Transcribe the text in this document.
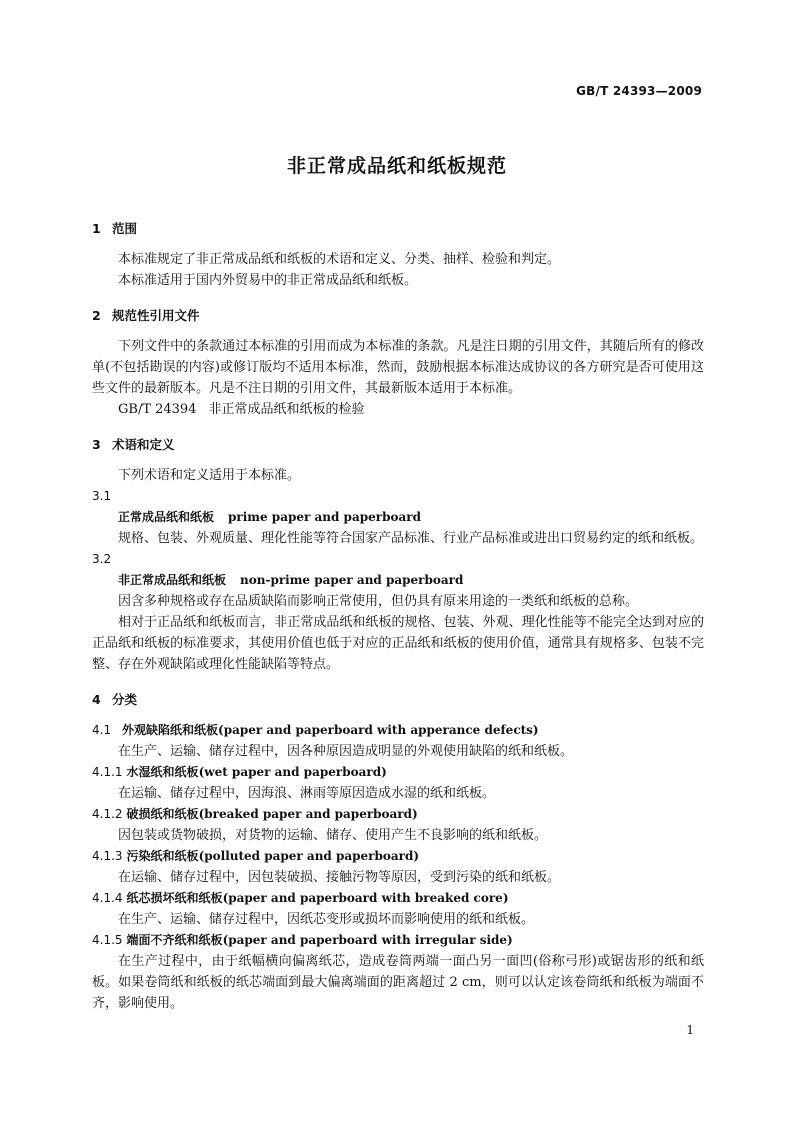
GB/T 24393—2009
非正常成品纸和纸板规范
1 范围
本标准规定了非正常成品纸和纸板的术语和定义、分类、抽样、检验和判定。
本标准适用于国内外贸易中的非正常成品纸和纸板。
2 规范性引用文件
下列文件中的条款通过本标准的引用而成为本标准的条款。凡是注日期的引用文件，其随后所有的修改单(不包括勘误的内容)或修订版均不适用本标准，然而，鼓励根据本标准达成协议的各方研究是否可使用这些文件的最新版本。凡是不注日期的引用文件，其最新版本适用于本标准。
GB/T 24394 非正常成品纸和纸板的检验
3 术语和定义
下列术语和定义适用于本标准。
3.1
正常成品纸和纸板 prime paper and paperboard
规格、包装、外观质量、理化性能等符合国家产品标准、行业产品标准或进出口贸易约定的纸和纸板。
3.2
非正常成品纸和纸板 non-prime paper and paperboard
因含多种规格或存在品质缺陷而影响正常使用，但仍具有原来用途的一类纸和纸板的总称。
相对于正品纸和纸板而言，非正常成品纸和纸板的规格、包装、外观、理化性能等不能完全达到对应的正品纸和纸板的标准要求，其使用价值也低于对应的正品纸和纸板的使用价值，通常具有规格多、包装不完整、存在外观缺陷或理化性能缺陷等特点。
4 分类
4.1 外观缺陷纸和纸板(paper and paperboard with apperance defects)
在生产、运输、储存过程中，因各种原因造成明显的外观使用缺陷的纸和纸板。
4.1.1 水湿纸和纸板(wet paper and paperboard)
在运输、储存过程中，因海浪、淋雨等原因造成水湿的纸和纸板。
4.1.2 破损纸和纸板(breaked paper and paperboard)
因包装或货物破损，对货物的运输、储存、使用产生不良影响的纸和纸板。
4.1.3 污染纸和纸板(polluted paper and paperboard)
在运输、储存过程中，因包装破损、接触污物等原因，受到污染的纸和纸板。
4.1.4 纸芯损坏纸和纸板(paper and paperboard with breaked core)
在生产、运输、储存过程中，因纸芯变形或损坏而影响使用的纸和纸板。
4.1.5 端面不齐纸和纸板(paper and paperboard with irregular side)
在生产过程中，由于纸幅横向偏离纸芯，造成卷筒两端一面凸另一面凹(俗称弓形)或锯齿形的纸和纸板。如果卷筒纸和纸板的纸芯端面到最大偏离端面的距离超过 2 cm，则可以认定该卷筒纸和纸板为端面不齐，影响使用。
1
